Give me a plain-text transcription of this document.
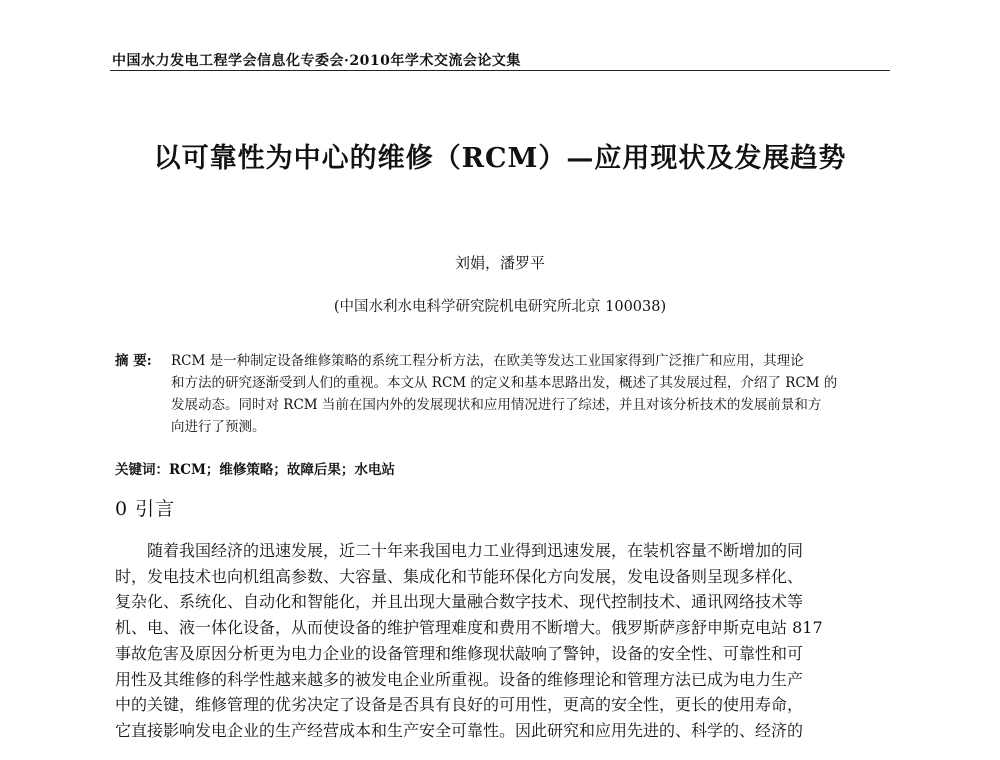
中国水力发电工程学会信息化专委会·2010年学术交流会论文集
以可靠性为中心的维修（RCM）—应用现状及发展趋势
刘娟，潘罗平
(中国水利水电科学研究院机电研究所北京 100038)
摘 要:	RCM 是一种制定设备维修策略的系统工程分析方法，在欧美等发达工业国家得到广泛推广和应用，其理论
和方法的研究逐渐受到人们的重视。本文从 RCM 的定义和基本思路出发，概述了其发展过程，介绍了 RCM 的
发展动态。同时对 RCM 当前在国内外的发展现状和应用情况进行了综述，并且对该分析技术的发展前景和方
向进行了预测。
关键词：RCM；维修策略；故障后果；水电站
0 引言
随着我国经济的迅速发展，近二十年来我国电力工业得到迅速发展，在装机容量不断增加的同
时，发电技术也向机组高参数、大容量、集成化和节能环保化方向发展，发电设备则呈现多样化、
复杂化、系统化、自动化和智能化，并且出现大量融合数字技术、现代控制技术、通讯网络技术等
机、电、液一体化设备，从而使设备的维护管理难度和费用不断增大。俄罗斯萨彦舒申斯克电站 817
事故危害及原因分析更为电力企业的设备管理和维修现状敲响了警钟，设备的安全性、可靠性和可
用性及其维修的科学性越来越多的被发电企业所重视。设备的维修理论和管理方法已成为电力生产
中的关键，维修管理的优劣决定了设备是否具有良好的可用性，更高的安全性，更长的使用寿命，
它直接影响发电企业的生产经营成本和生产安全可靠性。因此研究和应用先进的、科学的、经济的
